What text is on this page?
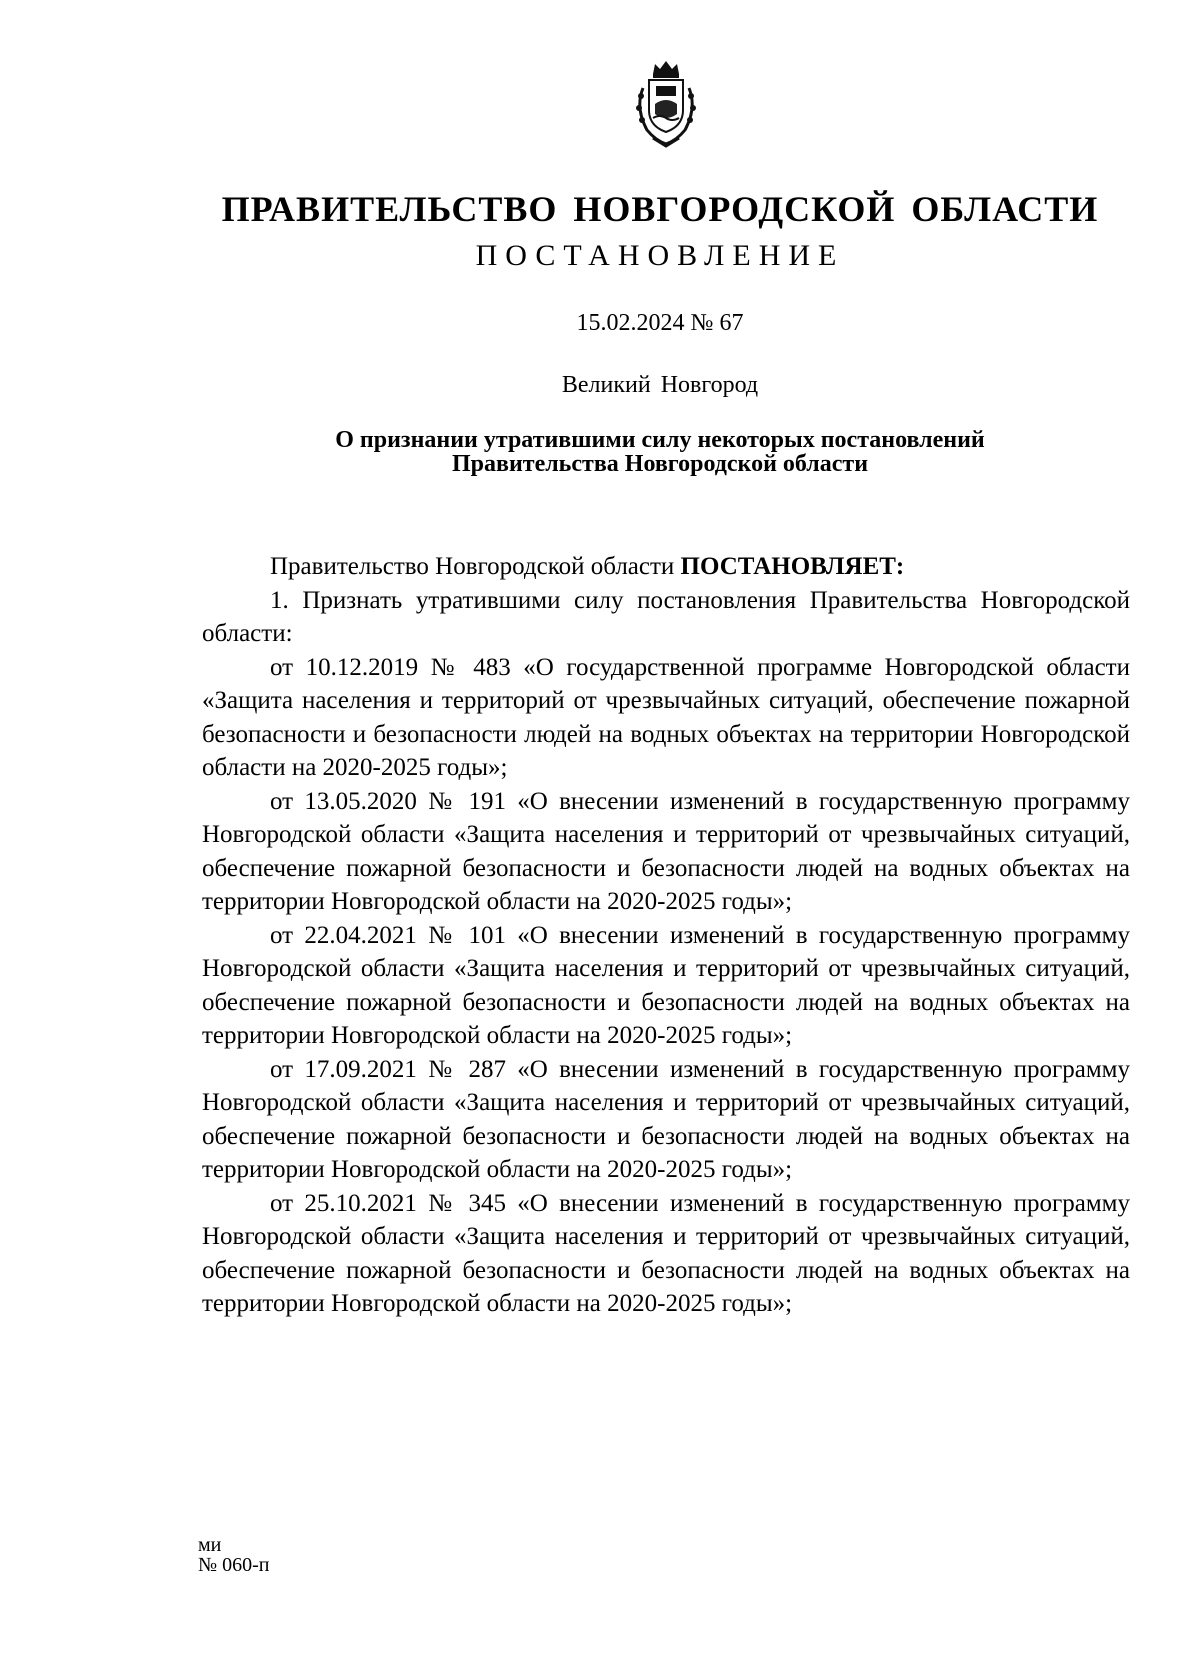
ПРАВИТЕЛЬСТВО НОВГОРОДСКОЙ ОБЛАСТИ
ПОСТАНОВЛЕНИЕ
15.02.2024 № 67
Великий Новгород
О признании утратившими силу некоторых постановлений
Правительства Новгородской области

Правительство Новгородской области ПОСТАНОВЛЯЕТ:

1. Признать утратившими силу постановления Правительства Новгородской области:

от 10.12.2019 № 483 «О государственной программе Новгородской области «Защита населения и территорий от чрезвычайных ситуаций, обеспечение пожарной безопасности и безопасности людей на водных объектах на территории Новгородской области на 2020-2025 годы»;

от 13.05.2020 № 191 «О внесении изменений в государственную программу Новгородской области «Защита населения и территорий от чрезвычайных ситуаций, обеспечение пожарной безопасности и безопасности людей на водных объектах на территории Новгородской области на 2020-2025 годы»;

от 22.04.2021 № 101 «О внесении изменений в государственную программу Новгородской области «Защита населения и территорий от чрезвычайных ситуаций, обеспечение пожарной безопасности и безопасности людей на водных объектах на территории Новгородской области на 2020-2025 годы»;

от 17.09.2021 № 287 «О внесении изменений в государственную программу Новгородской области «Защита населения и территорий от чрезвычайных ситуаций, обеспечение пожарной безопасности и безопасности людей на водных объектах на территории Новгородской области на 2020-2025 годы»;

от 25.10.2021 № 345 «О внесении изменений в государственную программу Новгородской области «Защита населения и территорий от чрезвычайных ситуаций, обеспечение пожарной безопасности и безопасности людей на водных объектах на территории Новгородской области на 2020-2025 годы»;

ми
№ 060-п
